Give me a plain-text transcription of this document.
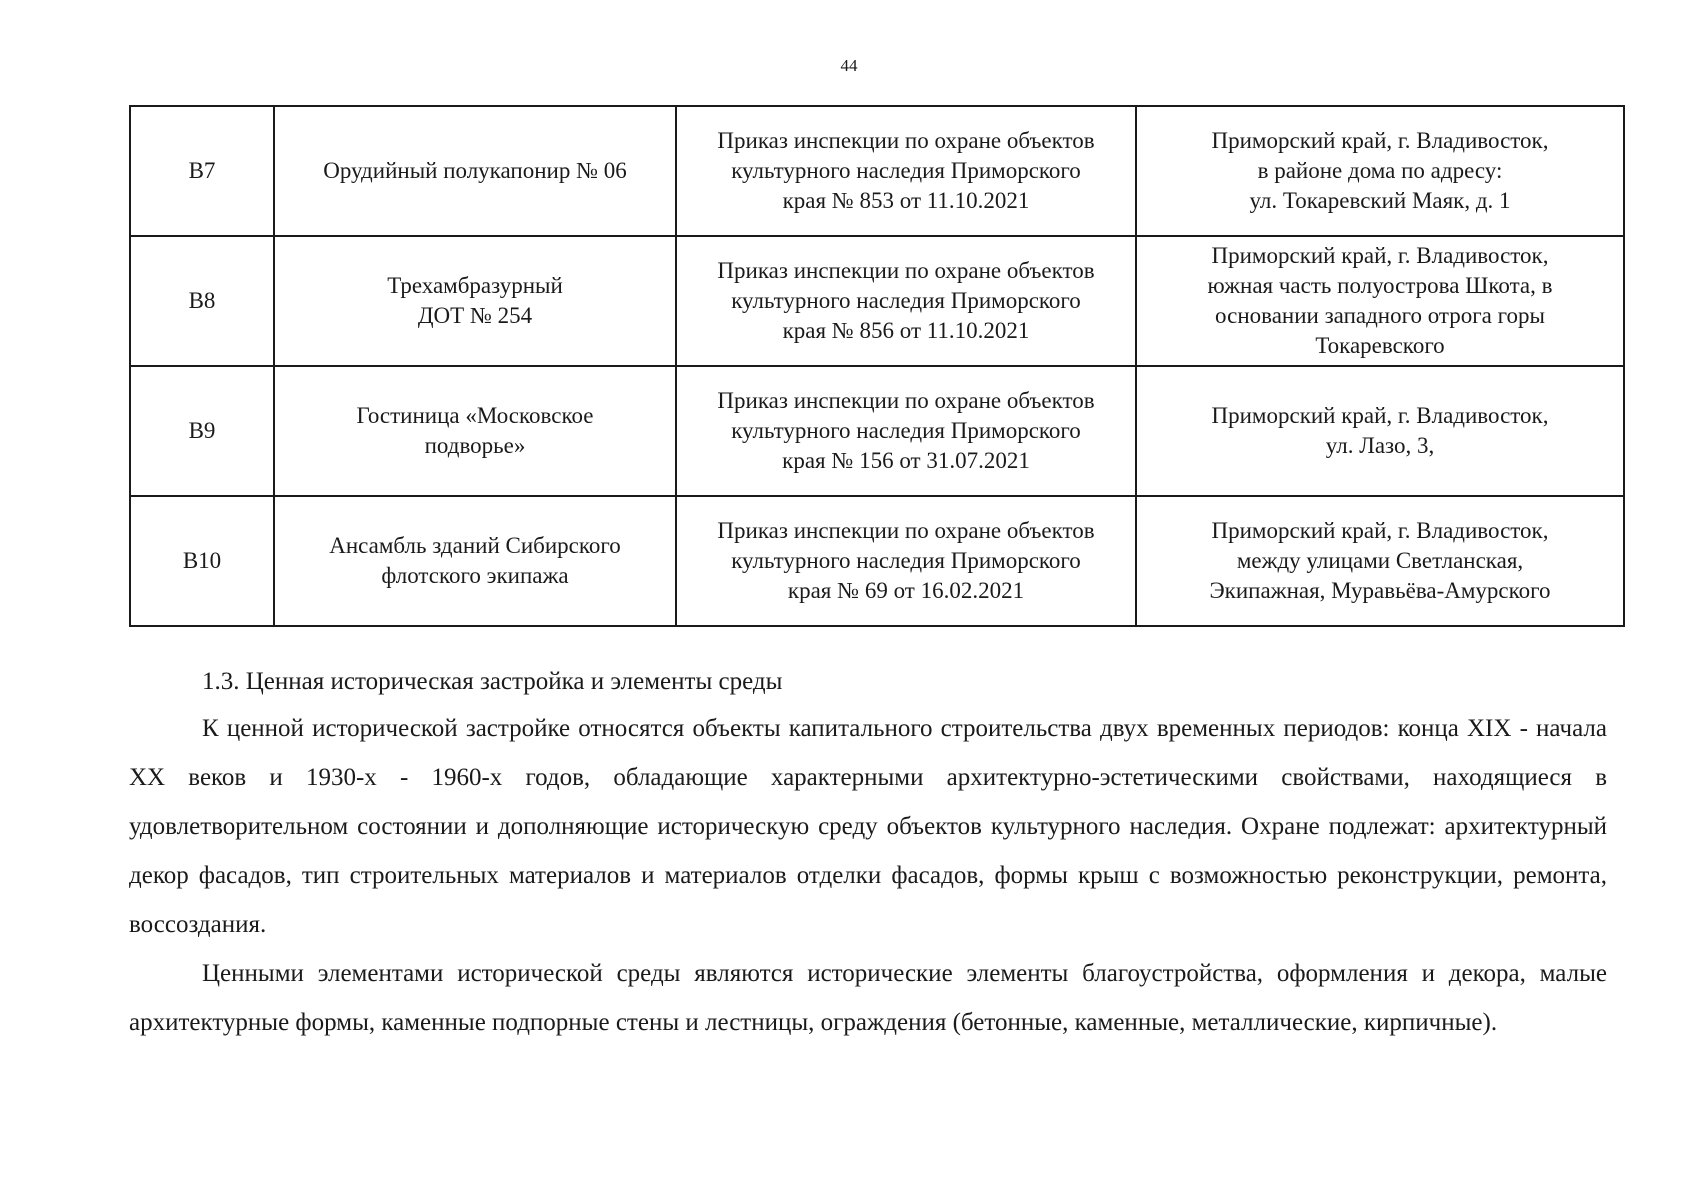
44
В7	Орудийный полукапонир № 06	Приказ инспекции по охране объектов
культурного наследия Приморского
края № 853 от 11.10.2021	Приморский край, г. Владивосток,
в районе дома по адресу:
ул. Токаревский Маяк, д. 1

В8	Трехамбразурный
ДОТ № 254	Приказ инспекции по охране объектов
культурного наследия Приморского
края № 856 от 11.10.2021	Приморский край, г. Владивосток,
южная часть полуострова Шкота, в
основании западного отрога горы
Токаревского

В9	Гостиница «Московское
подворье»	Приказ инспекции по охране объектов
культурного наследия Приморского
края № 156 от 31.07.2021	Приморский край, г. Владивосток,
ул. Лазо, 3,

В10	Ансамбль зданий Сибирского
флотского экипажа	Приказ инспекции по охране объектов
культурного наследия Приморского
края № 69 от 16.02.2021	Приморский край, г. Владивосток,
между улицами Светланская,
Экипажная, Муравьёва-Амурского
1.3. Ценная историческая застройка и элементы среды

К ценной исторической застройке относятся объекты капитального строительства двух временных периодов: конца XIX - начала XX веков и 1930-х - 1960-х годов, обладающие характерными архитектурно-эстетическими свойствами, находящиеся в удовлетворительном состоянии и дополняющие историческую среду объектов культурного наследия. Охране подлежат: архитектурный декор фасадов, тип строительных материалов и материалов отделки фасадов, формы крыш с возможностью реконструкции, ремонта, воссоздания.

Ценными элементами исторической среды являются исторические элементы благоустройства, оформления и декора, малые архитектурные формы, каменные подпорные стены и лестницы, ограждения (бетонные, каменные, металлические, кирпичные).
